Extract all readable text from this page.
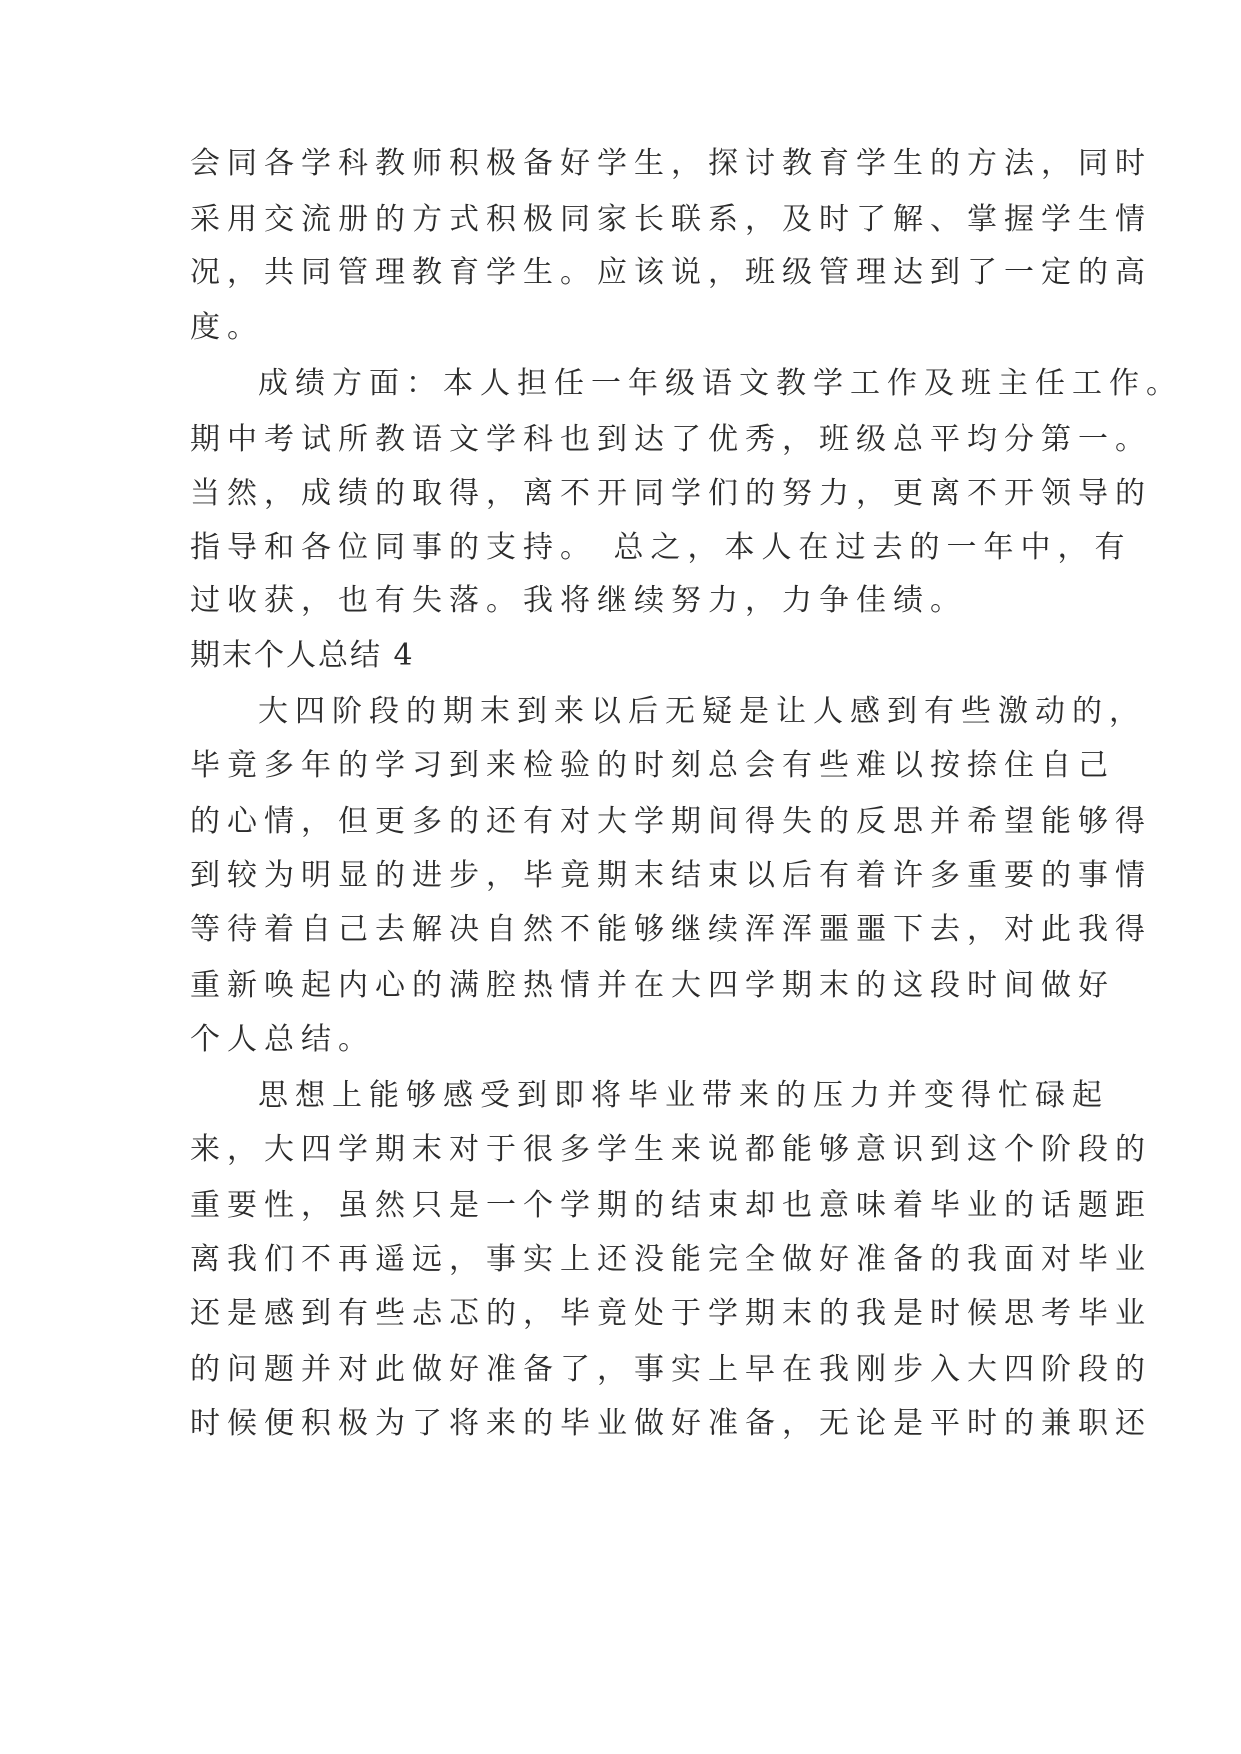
会同各学科教师积极备好学生，探讨教育学生的方法，同时
采用交流册的方式积极同家长联系，及时了解、掌握学生情
况，共同管理教育学生。应该说，班级管理达到了一定的高
度。
成绩方面：本人担任一年级语文教学工作及班主任工作。
期中考试所教语文学科也到达了优秀，班级总平均分第一。
当然，成绩的取得，离不开同学们的努力，更离不开领导的
指导和各位同事的支持。 总之，本人在过去的一年中，有
过收获，也有失落。我将继续努力，力争佳绩。
期末个人总结 4
大四阶段的期末到来以后无疑是让人感到有些激动的，
毕竟多年的学习到来检验的时刻总会有些难以按捺住自己
的心情，但更多的还有对大学期间得失的反思并希望能够得
到较为明显的进步，毕竟期末结束以后有着许多重要的事情
等待着自己去解决自然不能够继续浑浑噩噩下去，对此我得
重新唤起内心的满腔热情并在大四学期末的这段时间做好
个人总结。
思想上能够感受到即将毕业带来的压力并变得忙碌起
来，大四学期末对于很多学生来说都能够意识到这个阶段的
重要性，虽然只是一个学期的结束却也意味着毕业的话题距
离我们不再遥远，事实上还没能完全做好准备的我面对毕业
还是感到有些忐忑的，毕竟处于学期末的我是时候思考毕业
的问题并对此做好准备了，事实上早在我刚步入大四阶段的
时候便积极为了将来的毕业做好准备，无论是平时的兼职还
